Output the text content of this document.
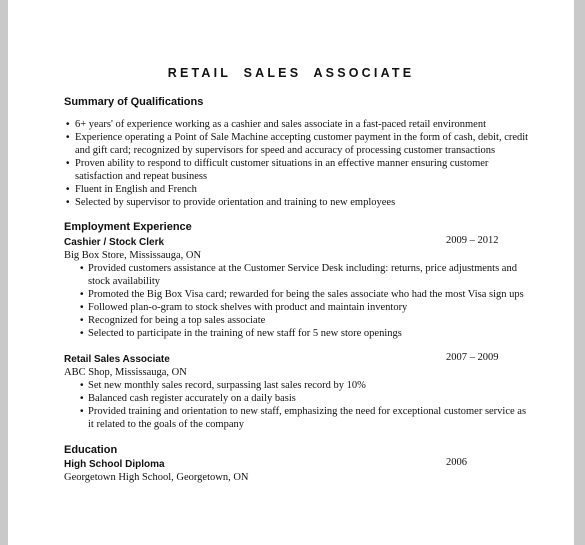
RETAIL SALES ASSOCIATE
Summary of Qualifications
• 6+ years' of experience working as a cashier and sales associate in a fast-paced retail environment
• Experience operating a Point of Sale Machine accepting customer payment in the form of cash, debit, credit
and gift card; recognized by supervisors for speed and accuracy of processing customer transactions
• Proven ability to respond to difficult customer situations in an effective manner ensuring customer
satisfaction and repeat business
• Fluent in English and French
• Selected by supervisor to provide orientation and training to new employees
Employment Experience
Cashier / Stock Clerk	2009 – 2012
Big Box Store, Mississauga, ON
• Provided customers assistance at the Customer Service Desk including: returns, price adjustments and
stock availability
• Promoted the Big Box Visa card; rewarded for being the sales associate who had the most Visa sign ups
• Followed plan-o-gram to stock shelves with product and maintain inventory
• Recognized for being a top sales associate
• Selected to participate in the training of new staff for 5 new store openings
Retail Sales Associate	2007 – 2009
ABC Shop, Mississauga, ON
• Set new monthly sales record, surpassing last sales record by 10%
• Balanced cash register accurately on a daily basis
• Provided training and orientation to new staff, emphasizing the need for exceptional customer service as
it related to the goals of the company
Education
High School Diploma	2006
Georgetown High School, Georgetown, ON
